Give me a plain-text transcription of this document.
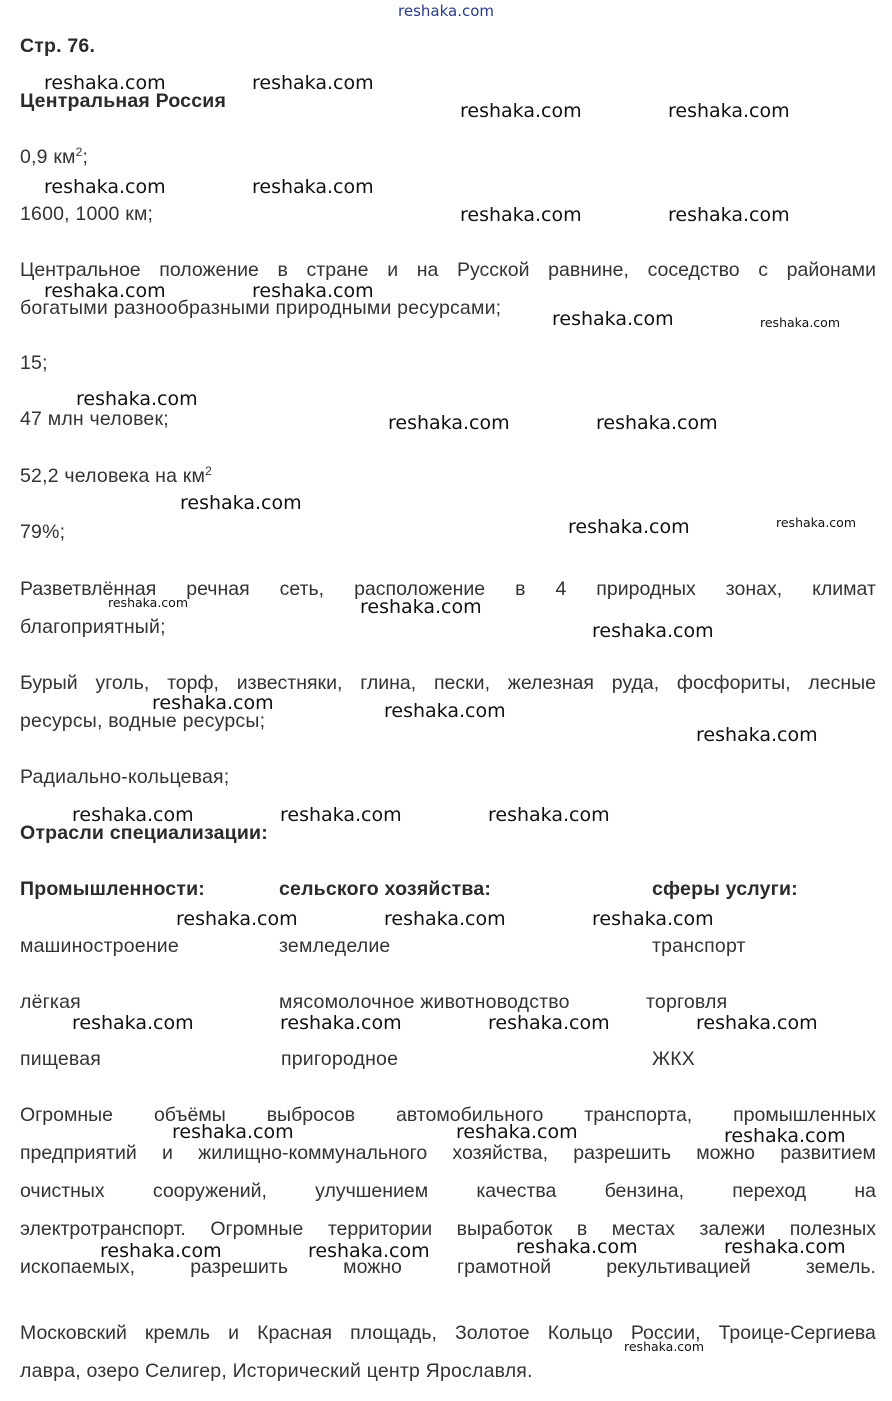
reshaka.com
Стр. 76.
Центральная Россия
0,9 $км^2$;
1600, 1000 км;
Центральное положение в стране и на Русской равнине, соседство с районами
богатыми разнообразными природными ресурсами;
15;
47 млн человек;
52,2 человека на $км^2$
79%;
Разветвлённая речная сеть, расположение в 4 природных зонах, климат
благоприятный;
Бурый уголь, торф, известняки, глина, пески, железная руда, фосфориты, лесные
ресурсы, водные ресурсы;
Радиально-кольцевая;
Отрасли специализации:
Промышленности:	сельского хозяйства:	сферы услуги:
машиностроение	земледелие	транспорт
лёгкая	мясомолочное животноводство	торговля
пищевая	пригородное	ЖКХ
Огромные объёмы выбросов автомобильного транспорта, промышленных
предприятий и жилищно-коммунального хозяйства, разрешить можно развитием
очистных сооружений, улучшением качества бензина, переход на
электротранспорт. Огромные территории выработок в местах залежи полезных
ископаемых,	разрешить	можно	грамотной	рекультивацией	земель.
Московский кремль и Красная площадь, Золотое Кольцо России, Троице-Сергиева
лавра, озеро Селигер, Исторический центр Ярославля.
reshaka.com	reshaka.com
reshaka.com	reshaka.com
reshaka.com	reshaka.com
reshaka.com	reshaka.com
reshaka.com	reshaka.com
reshaka.com
reshaka.com
reshaka.com	reshaka.com
reshaka.com
reshaka.com
reshaka.com
reshaka.com
reshaka.com	reshaka.com
reshaka.com
reshaka.com	reshaka.com	reshaka.com
reshaka.com	reshaka.com	reshaka.com
reshaka.com	reshaka.com	reshaka.com	reshaka.com
reshaka.com	reshaka.com	reshaka.com
reshaka.com	reshaka.com	reshaka.com	reshaka.com
reshaka.com
reshaka.com
reshaka.com
reshaka.com
